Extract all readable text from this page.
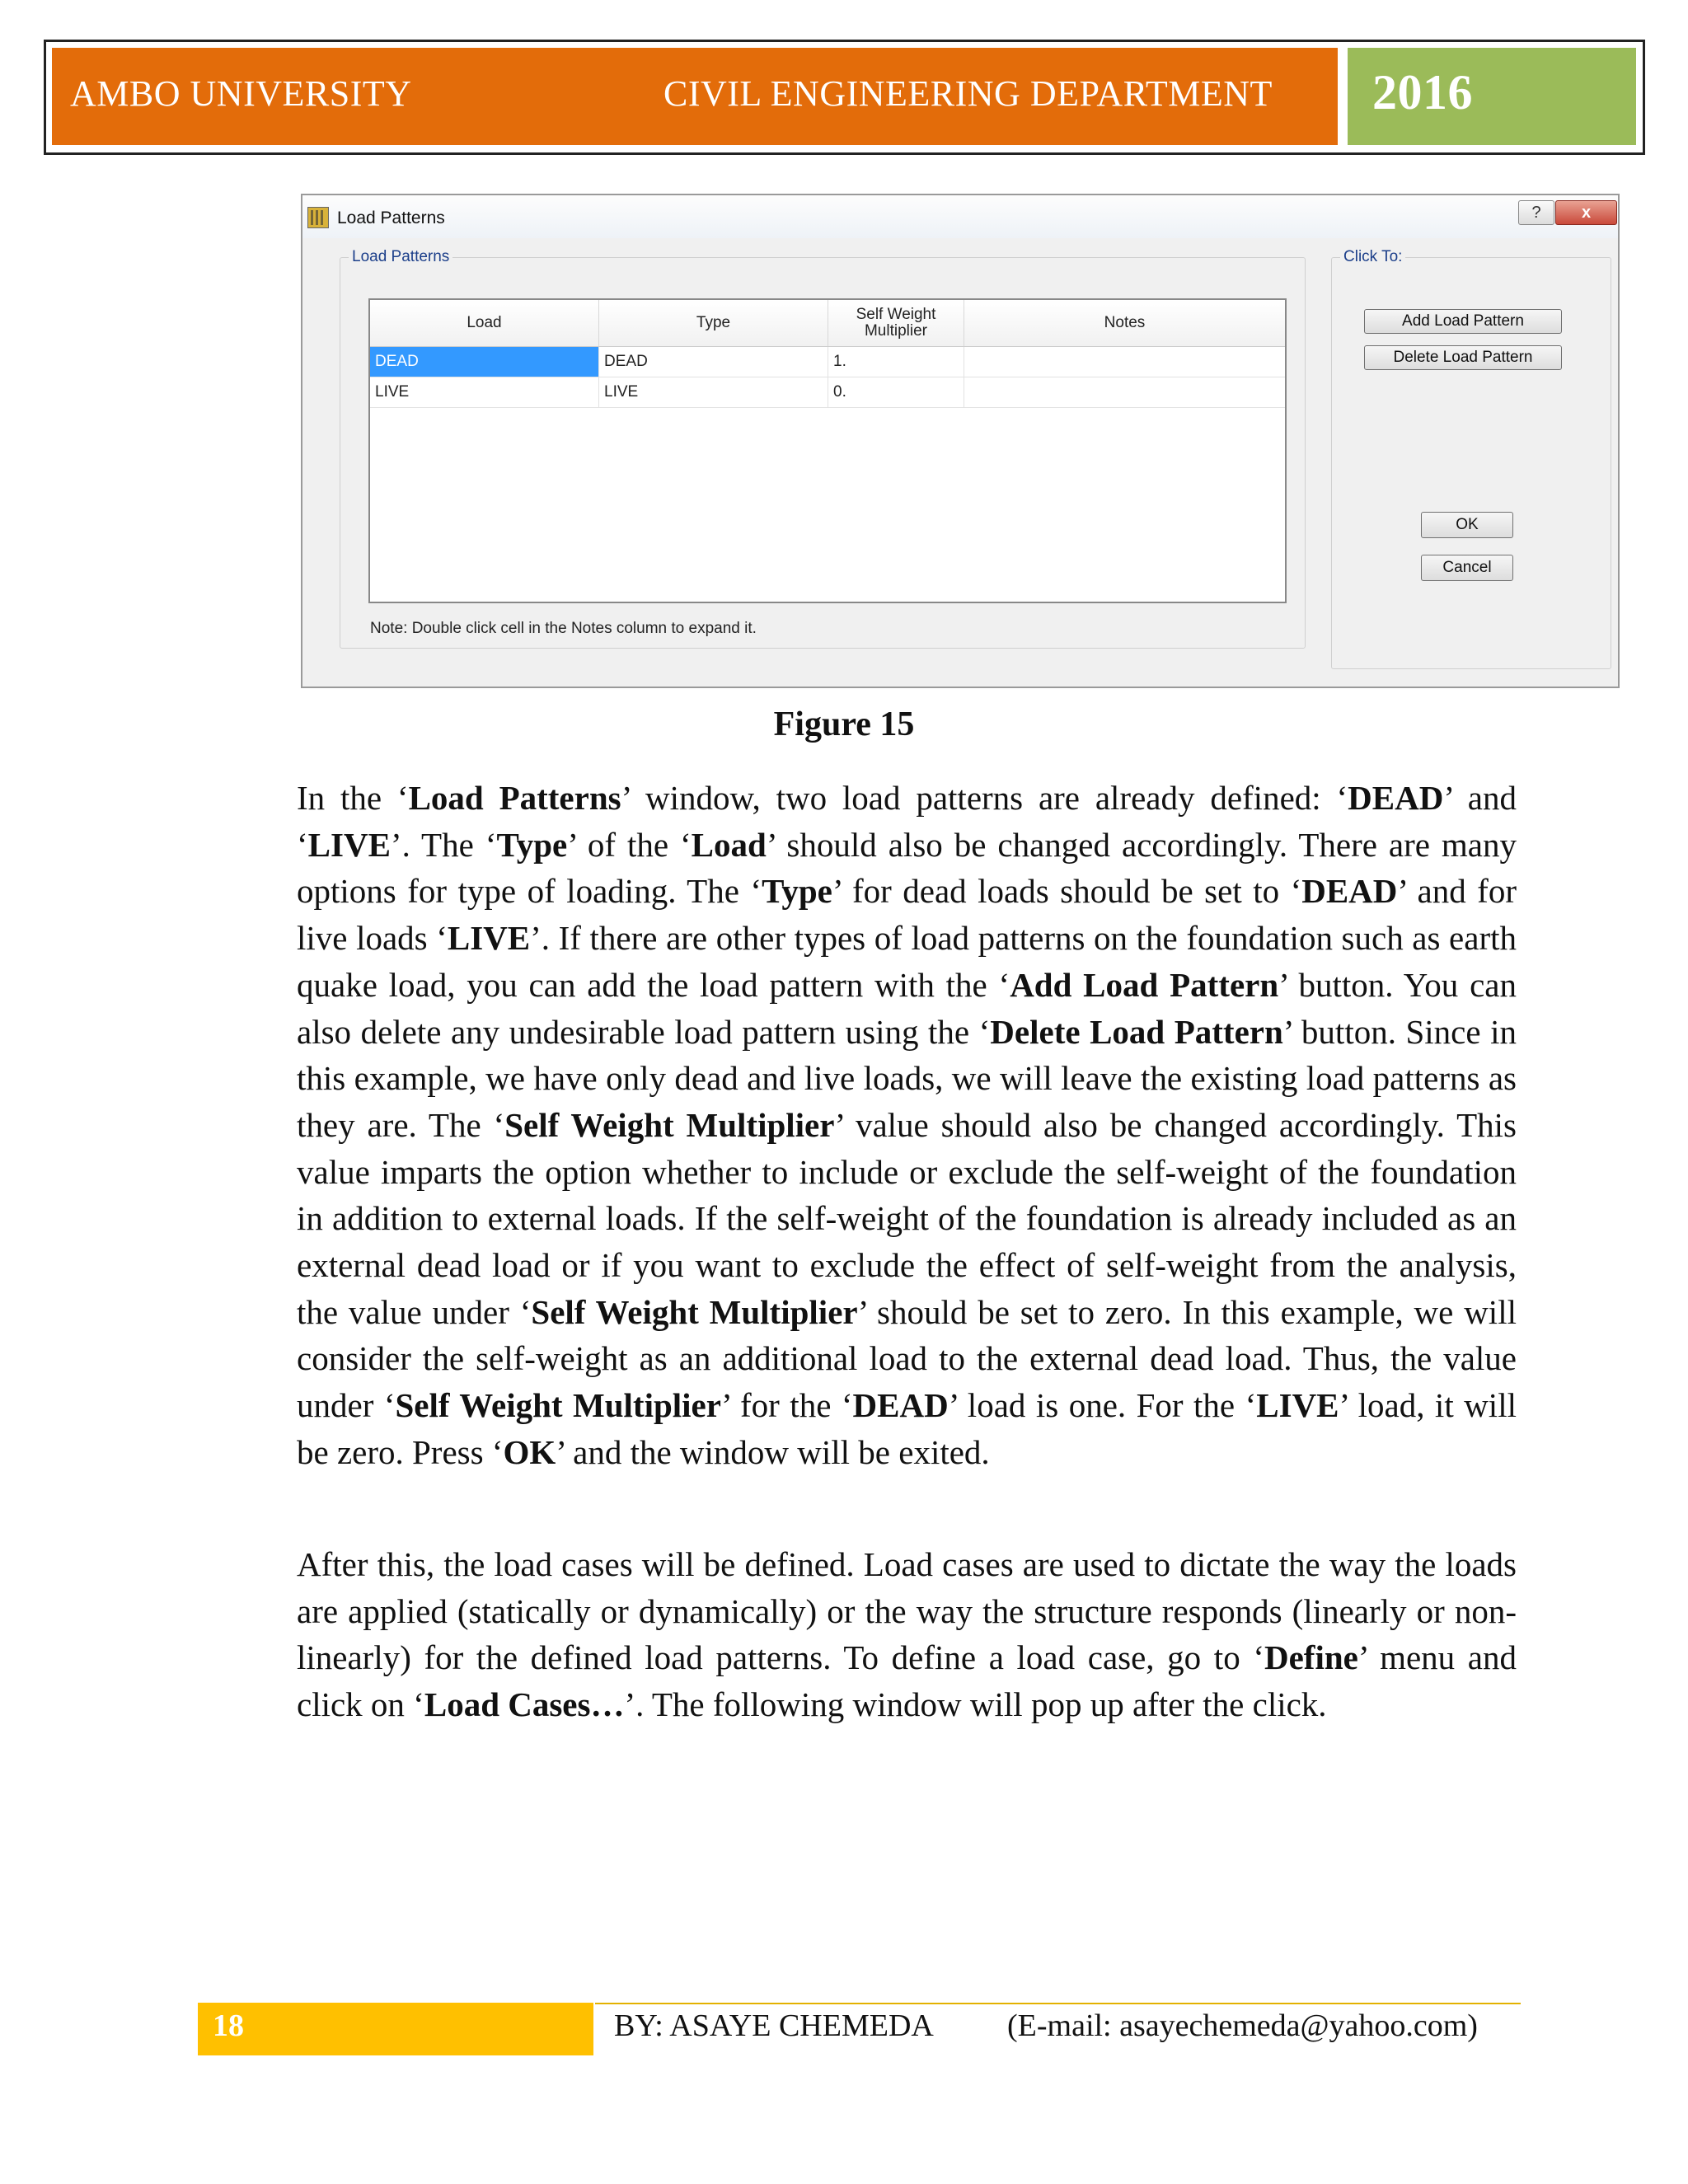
AMBO UNIVERSITY	CIVIL ENGINEERING DEPARTMENT 2016
Load Patterns	?	x
Load Patterns	Click To:
Load	Type	Self Weight Multiplier	Notes
DEAD	DEAD	1.
LIVE	LIVE	0.
Note: Double click cell in the Notes column to expand it.
Add Load Pattern
Delete Load Pattern
OK
Cancel
Figure 15
In the ‘Load Patterns’ window, two load patterns are already defined: ‘DEAD’ and ‘LIVE’. The ‘Type’ of the ‘Load’ should also be changed accordingly. There are many options for type of loading. The ‘Type’ for dead loads should be set to ‘DEAD’ and for live loads ‘LIVE’. If there are other types of load patterns on the foundation such as earth quake load, you can add the load pattern with the ‘Add Load Pattern’ button. You can also delete any undesirable load pattern using the ‘Delete Load Pattern’ button. Since in this example, we have only dead and live loads, we will leave the existing load patterns as they are. The ‘Self Weight Multiplier’ value should also be changed accordingly. This value imparts the option whether to include or exclude the self-weight of the foundation in addition to external loads. If the self-weight of the foundation is already included as an external dead load or if you want to exclude the effect of self-weight from the analysis, the value under ‘Self Weight Multiplier’ should be set to zero. In this example, we will consider the self-weight as an additional load to the external dead load. Thus, the value under ‘Self Weight Multiplier’ for the ‘DEAD’ load is one. For the ‘LIVE’ load, it will be zero. Press ‘OK’ and the window will be exited.
After this, the load cases will be defined. Load cases are used to dictate the way the loads are applied (statically or dynamically) or the way the structure responds (linearly or non-linearly) for the defined load patterns. To define a load case, go to ‘Define’ menu and click on ‘Load Cases…’. The following window will pop up after the click.
18	BY: ASAYE CHEMEDA (E-mail: asayechemeda@yahoo.com)
